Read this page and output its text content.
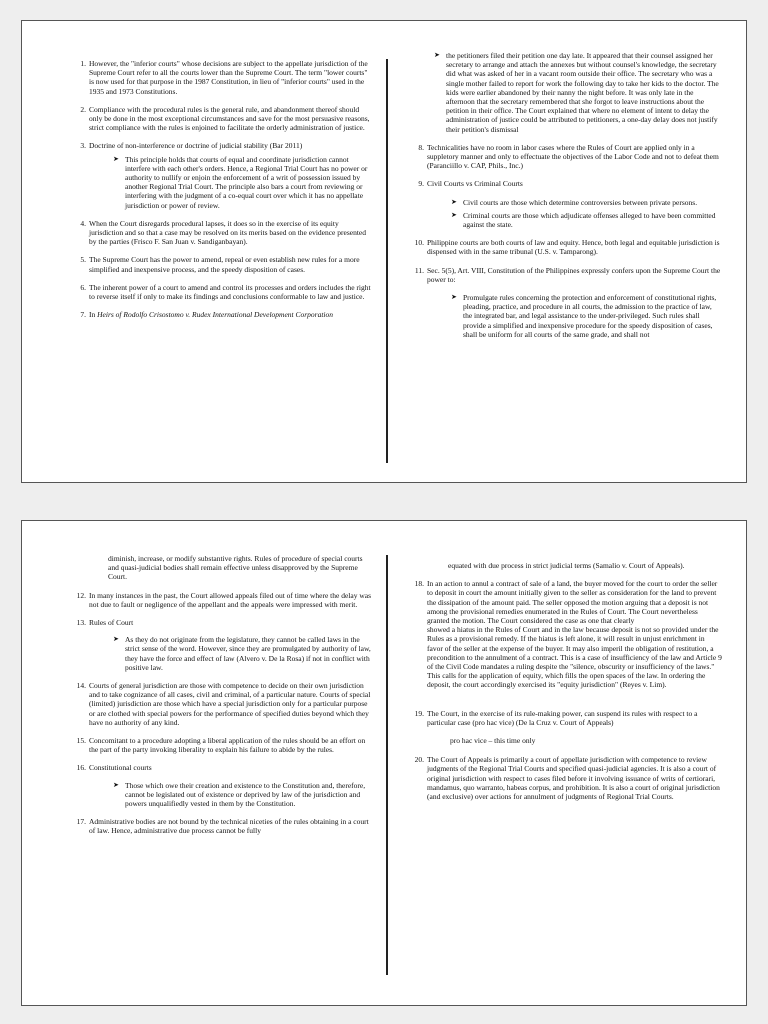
1. However, the "inferior courts" whose decisions are subject to the appellate jurisdiction of the Supreme Court refer to all the courts lower than the Supreme Court. The term "lower courts" is now used for that purpose in the 1987 Constitution, in lieu of "inferior courts" used in the 1935 and 1973 Constitutions.
2. Compliance with the procedural rules is the general rule, and abandonment thereof should only be done in the most exceptional circumstances and save for the most persuasive reasons, strict compliance with the rules is enjoined to facilitate the orderly administration of justice.
3. Doctrine of non-interference or doctrine of judicial stability (Bar 2011)
➤ This principle holds that courts of equal and coordinate jurisdiction cannot interfere with each other's orders. Hence, a Regional Trial Court has no power or authority to nullify or enjoin the enforcement of a writ of possession issued by another Regional Trial Court. The principle also bars a court from reviewing or interfering with the judgment of a co-equal court over which it has no appellate jurisdiction or power of review.
4. When the Court disregards procedural lapses, it does so in the exercise of its equity jurisdiction and so that a case may be resolved on its merits based on the evidence presented by the parties (Frisco F. San Juan v. Sandiganbayan).
5. The Supreme Court has the power to amend, repeal or even establish new rules for a more simplified and inexpensive process, and the speedy disposition of cases.
6. The inherent power of a court to amend and control its processes and orders includes the right to reverse itself if only to make its findings and conclusions conformable to law and justice.
7. In Heirs of Rodolfo Crisostomo v. Rudex International Development Corporation
➤ the petitioners filed their petition one day late. It appeared that their counsel assigned her secretary to arrange and attach the annexes but without counsel's knowledge, the secretary did what was asked of her in a vacant room outside their office. The secretary who was a single mother failed to report for work the following day to take her kids to the doctor. The kids were earlier abandoned by their nanny the night before. It was only late in the afternoon that the secretary remembered that she forgot to leave instructions about the petition in their office. The Court explained that where no element of intent to delay the administration of justice could be attributed to petitioners, a one-day delay does not justify their petition's dismissal
8. Technicalities have no room in labor cases where the Rules of Court are applied only in a suppletory manner and only to effectuate the objectives of the Labor Code and not to defeat them (Paranciillo v. CAP, Phils., Inc.)
9. Civil Courts vs Criminal Courts
➤ Civil courts are those which determine controversies between private persons.
➤ Criminal courts are those which adjudicate offenses alleged to have been committed against the state.
10. Philippine courts are both courts of law and equity. Hence, both legal and equitable jurisdiction is dispensed with in the same tribunal (U.S. v. Tamparong).
11. Sec. 5(5), Art. VIII, Constitution of the Philippines expressly confers upon the Supreme Court the power to:
➤ Promulgate rules concerning the protection and enforcement of constitutional rights, pleading, practice, and procedure in all courts, the admission to the practice of law, the integrated bar, and legal assistance to the under-privileged. Such rules shall provide a simplified and inexpensive procedure for the speedy disposition of cases, shall be uniform for all courts of the same grade, and shall not
diminish, increase, or modify substantive rights. Rules of procedure of special courts and quasi-judicial bodies shall remain effective unless disapproved by the Supreme Court.
12. In many instances in the past, the Court allowed appeals filed out of time where the delay was not due to fault or negligence of the appellant and the appeals were impressed with merit.
13. Rules of Court
➤ As they do not originate from the legislature, they cannot be called laws in the strict sense of the word. However, since they are promulgated by authority of law, they have the force and effect of law (Alvero v. De la Rosa) if not in conflict with positive law.
14. Courts of general jurisdiction are those with competence to decide on their own jurisdiction and to take cognizance of all cases, civil and criminal, of a particular nature. Courts of special (limited) jurisdiction are those which have a special jurisdiction only for a particular purpose or are clothed with special powers for the performance of specified duties beyond which they have no authority of any kind.
15. Concomitant to a procedure adopting a liberal application of the rules should be an effort on the part of the party invoking liberality to explain his failure to abide by the rules.
16. Constitutional courts
➤ Those which owe their creation and existence to the Constitution and, therefore, cannot be legislated out of existence or deprived by law of the jurisdiction and powers unqualifiedly vested in them by the Constitution.
17. Administrative bodies are not bound by the technical niceties of the rules obtaining in a court of law. Hence, administrative due process cannot be fully
equated with due process in strict judicial terms (Samalio v. Court of Appeals).
18. In an action to annul a contract of sale of a land, the buyer moved for the court to order the seller to deposit in court the amount initially given to the seller as consideration for the land to prevent the dissipation of the amount paid. The seller opposed the motion arguing that a deposit is not among the provisional remedies enumerated in the Rules of Court. The Court nevertheless granted the motion. The Court considered the case as one that clearly
showed a hiatus in the Rules of Court and in the law because deposit is not so provided under the Rules as a provisional remedy. If the hiatus is left alone, it will result in unjust enrichment in favor of the seller at the expense of the buyer. It may also imperil the obligation of restitution, a precondition to the annulment of a contract. This is a case of insufficiency of the law and Article 9 of the Civil Code mandates a ruling despite the "silence, obscurity or insufficiency of the laws." This calls for the application of equity, which fills the open spaces of the law. In ordering the deposit, the court accordingly exercised its "equity jurisdiction" (Reyes v. Lim).
19. The Court, in the exercise of its rule-making power, can suspend its rules with respect to a particular case (pro hac vice) (De la Cruz v. Court of Appeals)
pro hac vice – this time only
20. The Court of Appeals is primarily a court of appellate jurisdiction with competence to review judgments of the Regional Trial Courts and specified quasi-judicial agencies. It is also a court of original jurisdiction with respect to cases filed before it involving issuance of writs of certiorari, mandamus, quo warranto, habeas corpus, and prohibition. It is also a court of original jurisdiction (and exclusive) over actions for annulment of judgments of Regional Trial Courts.
